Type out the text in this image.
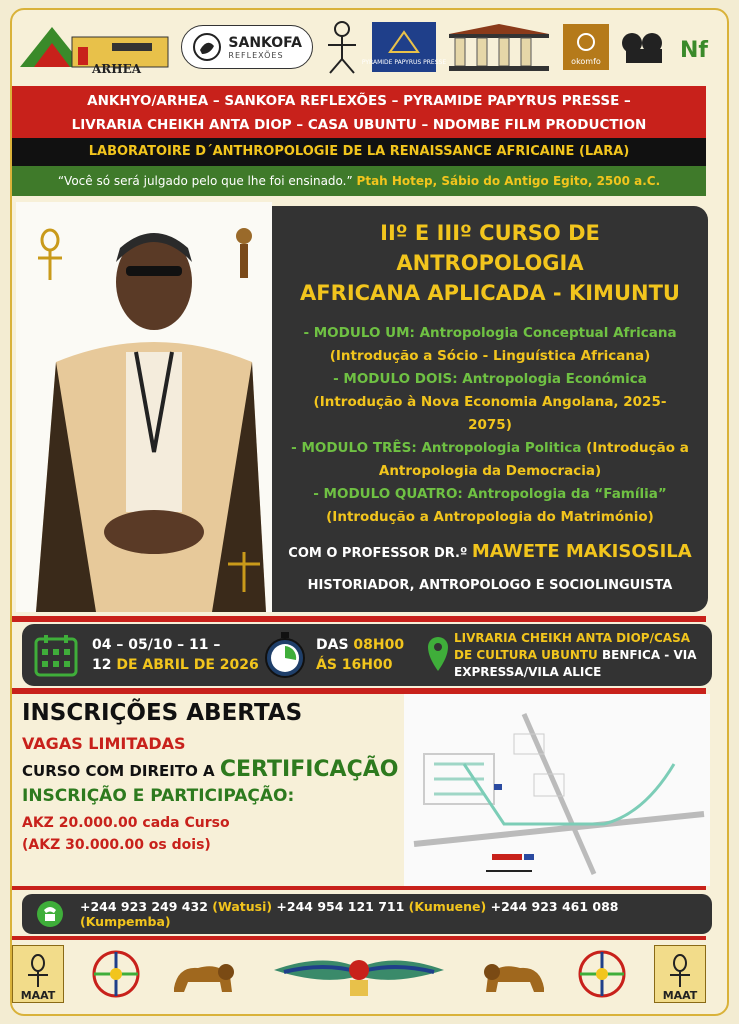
ARHEA
SANKOFA
REFLEXÕES
PYRAMIDE PAPYRUS PRESSE	okomfo	Nf
ANKHYO/ARHEA – SANKOFA REFLEXÕES – PYRAMIDE PAPYRUS PRESSE –
LIVRARIA CHEIKH ANTA DIOP – CASA UBUNTU – NDOMBE FILM PRODUCTION
LABORATOIRE D´ANTHROPOLOGIE DE LA RENAISSANCE AFRICAINE (LARA)
“Você só será julgado pelo que lhe foi ensinado.” Ptah Hotep, Sábio do Antigo Egito, 2500 a.C.
IIº E IIIº CURSO DE ANTROPOLOGIA
AFRICANA APLICADA - KIMUNTU
- MODULO UM: Antropologia Conceptual Africana
(Introdução a Sócio - Linguística Africana)
- MODULO DOIS: Antropologia Económica
(Introdução à Nova Economia Angolana, 2025-
2075)
- MODULO TRÊS: Antropologia Politica (Introdução a
Antropologia da Democracia)
- MODULO QUATRO: Antropologia da “Família”
(Introdução a Antropologia do Matrimónio)
COM O PROFESSOR DR.º MAWETE MAKISOSILA
HISTORIADOR, ANTROPOLOGO E SOCIOLINGUISTA
04 – 05/10 – 11 –
12 DE ABRIL DE 2026
DAS 08H00
ÁS 16H00
LIVRARIA CHEIKH ANTA DIOP/CASA
DE CULTURA UBUNTU BENFICA - VIA
EXPRESSA/VILA ALICE
INSCRIÇÕES ABERTAS
VAGAS LIMITADAS
CURSO COM DIREITO A CERTIFICAÇÃO
INSCRIÇÃO E PARTICIPAÇÃO:
AKZ 20.000.00 cada Curso
(AKZ 30.000.00 os dois)
+244 923 249 432 (Watusi) +244 954 121 711 (Kumuene) +244 923 461 088 (Kumpemba)
MAAT	MAAT
